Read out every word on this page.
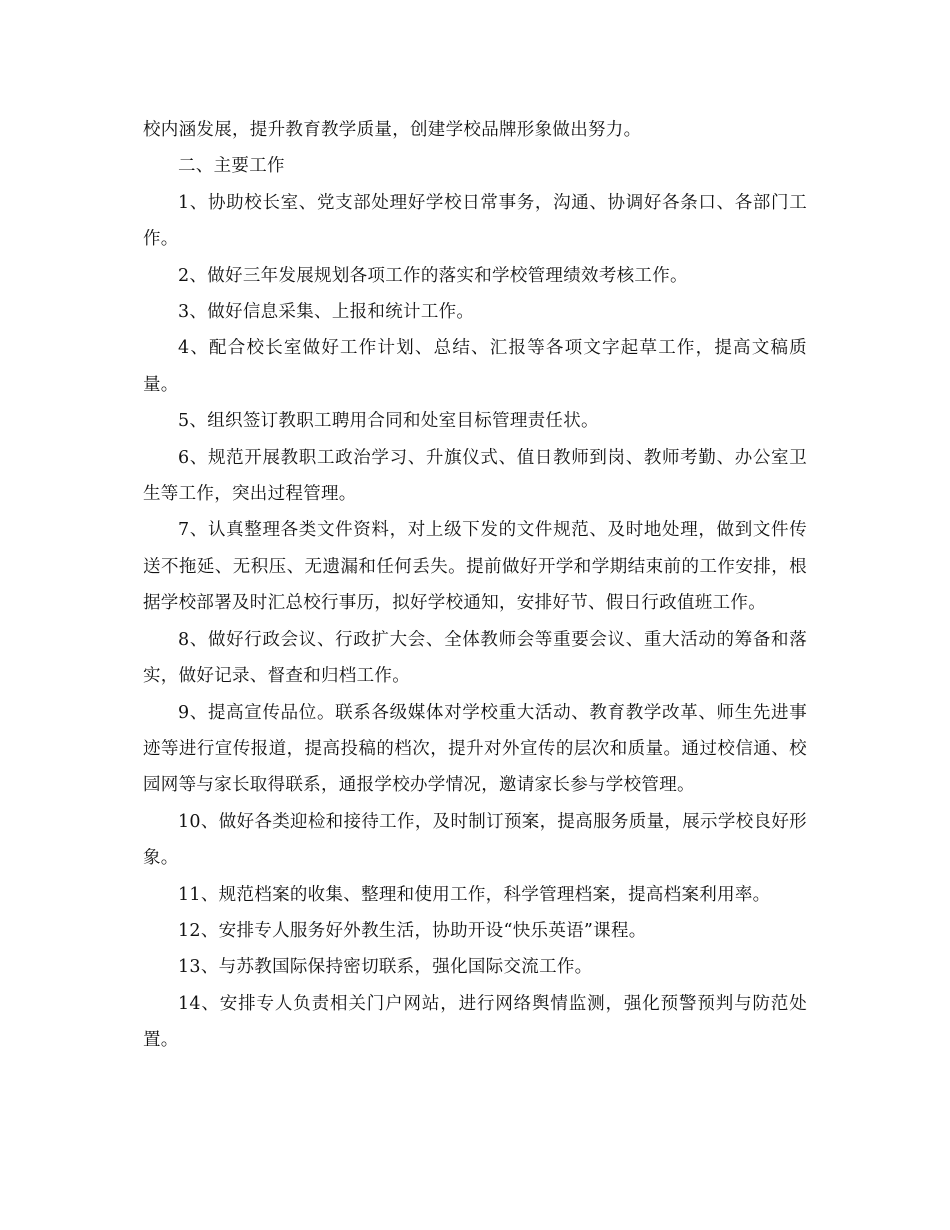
校内涵发展，提升教育教学质量，创建学校品牌形象做出努力。

二、主要工作

1、协助校长室、党支部处理好学校日常事务，沟通、协调好各条口、各部门工作。

2、做好三年发展规划各项工作的落实和学校管理绩效考核工作。

3、做好信息采集、上报和统计工作。

4、配合校长室做好工作计划、总结、汇报等各项文字起草工作，提高文稿质量。

5、组织签订教职工聘用合同和处室目标管理责任状。

6、规范开展教职工政治学习、升旗仪式、值日教师到岗、教师考勤、办公室卫生等工作，突出过程管理。

7、认真整理各类文件资料，对上级下发的文件规范、及时地处理，做到文件传送不拖延、无积压、无遗漏和任何丢失。提前做好开学和学期结束前的工作安排，根据学校部署及时汇总校行事历，拟好学校通知，安排好节、假日行政值班工作。

8、做好行政会议、行政扩大会、全体教师会等重要会议、重大活动的筹备和落实，做好记录、督查和归档工作。

9、提高宣传品位。联系各级媒体对学校重大活动、教育教学改革、师生先进事迹等进行宣传报道，提高投稿的档次，提升对外宣传的层次和质量。通过校信通、校园网等与家长取得联系，通报学校办学情况，邀请家长参与学校管理。

10、做好各类迎检和接待工作，及时制订预案，提高服务质量，展示学校良好形象。

11、规范档案的收集、整理和使用工作，科学管理档案，提高档案利用率。

12、安排专人服务好外教生活，协助开设“快乐英语”课程。

13、与苏教国际保持密切联系，强化国际交流工作。

14、安排专人负责相关门户网站，进行网络舆情监测，强化预警预判与防范处置。
